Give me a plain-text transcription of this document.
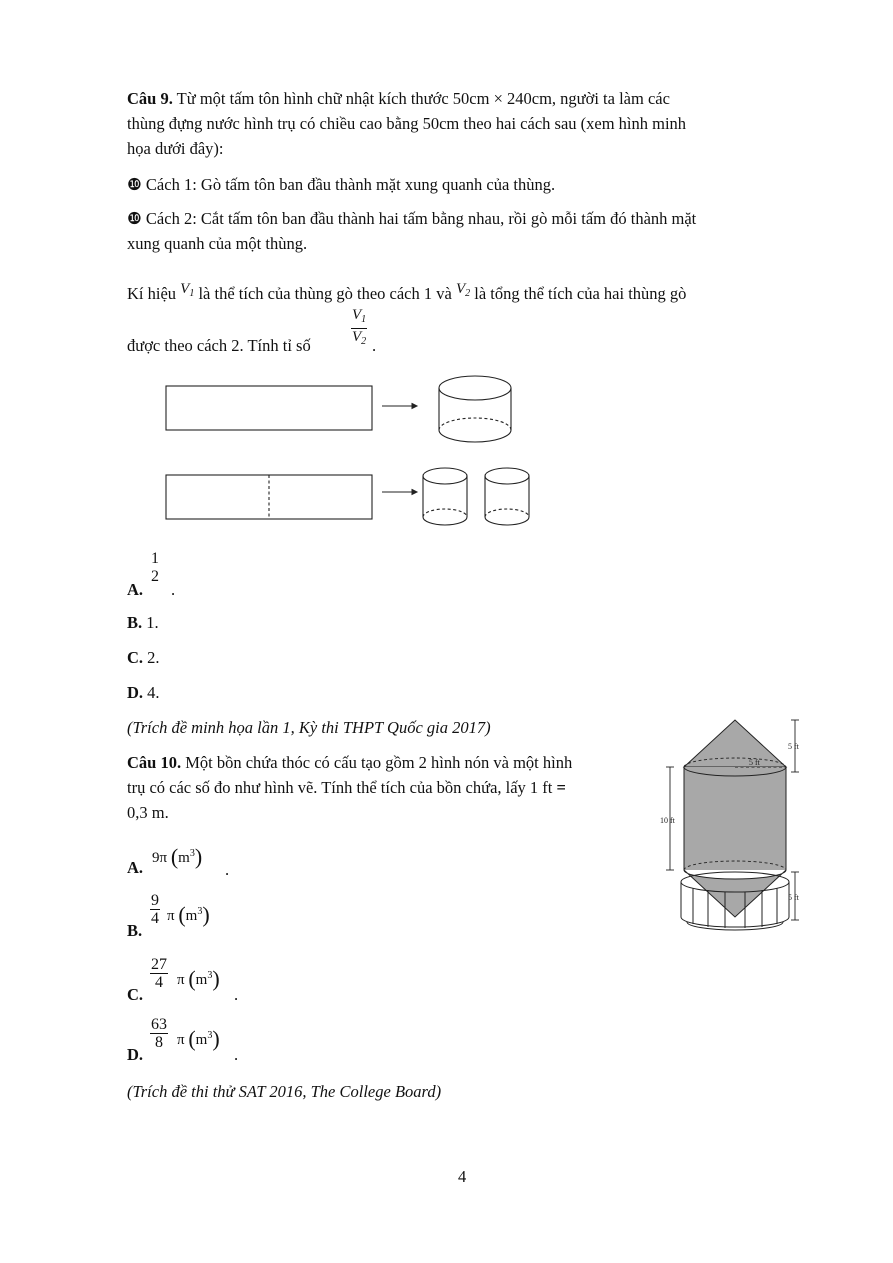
Câu 9. Từ một tấm tôn hình chữ nhật kích thước 50cm × 240cm, người ta làm các
thùng đựng nước hình trụ có chiều cao bằng 50cm theo hai cách sau (xem hình minh
họa dưới đây):
❿ Cách 1: Gò tấm tôn ban đầu thành mặt xung quanh của thùng.
❿ Cách 2: Cắt tấm tôn ban đầu thành hai tấm bằng nhau, rồi gò mỗi tấm đó thành mặt
xung quanh của một thùng.
Kí hiệu $V_1$ là thể tích của thùng gò theo cách 1 và $V_2$ là tổng thể tích của hai thùng gò
được theo cách 2. Tính tỉ số	$\frac{V_1}{V_2}$ .
A.
1
2
.
B. 1.
C. 2.
D. 4.
(Trích đề minh họa lần 1, Kỳ thi THPT Quốc gia 2017)
Câu 10. Một bồn chứa thóc có cấu tạo gồm 2 hình nón và một hình
trụ có các số đo như hình vẽ. Tính thể tích của bồn chứa, lấy 1 ft =
0,3 m.
A. 9π $(m^3)$
.
B.
$\frac{9}{4}$ π $(m^3)$
C.
$\frac{27}{4}$ π $(m^3)$
.
D.
$\frac{63}{8}$ π $(m^3)$
.
(Trích đề thi thử SAT 2016, The College Board)
5 ft
5 ft
10 ft
5 ft
4
